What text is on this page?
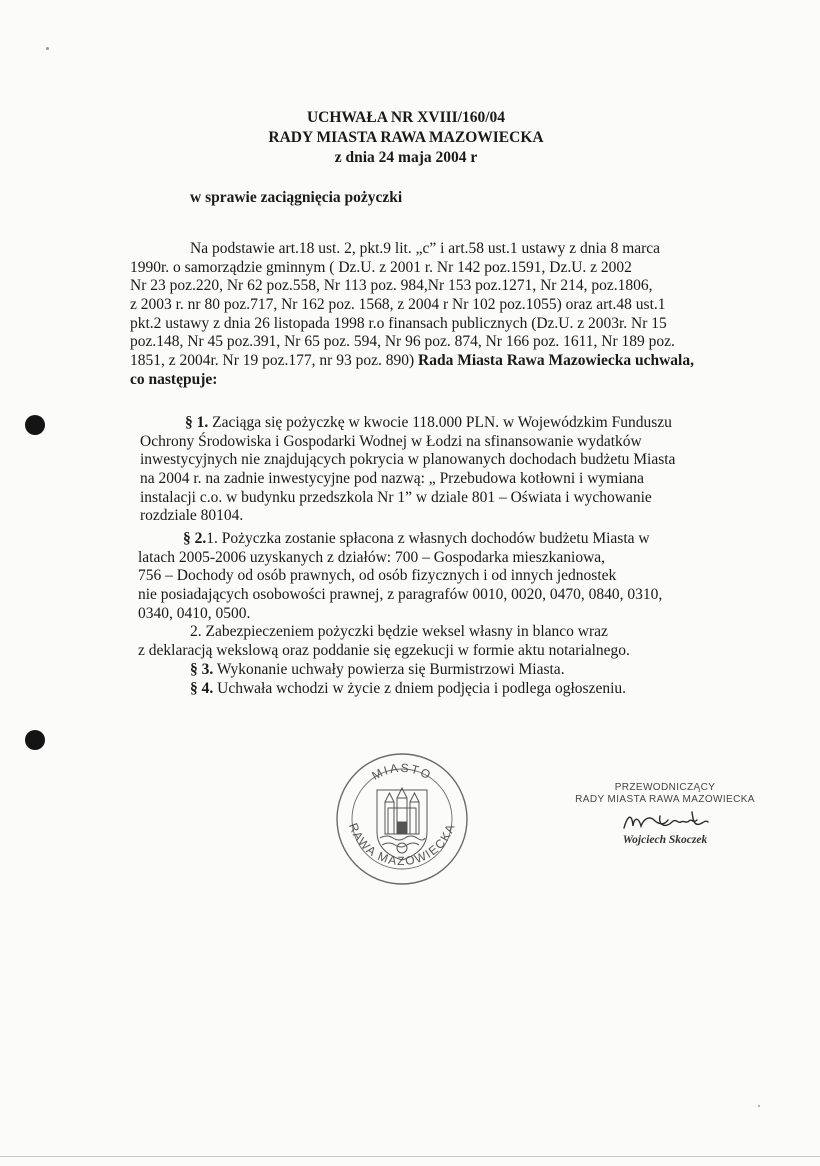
UCHWAŁA NR XVIII/160/04
RADY MIASTA RAWA MAZOWIECKA
z dnia 24 maja 2004 r
w sprawie zaciągnięcia pożyczki
Na podstawie art.18 ust. 2, pkt.9 lit. „c” i art.58 ust.1 ustawy z dnia 8 marca
1990r. o samorządzie gminnym ( Dz.U. z 2001 r. Nr 142 poz.1591, Dz.U. z 2002
Nr 23 poz.220, Nr 62 poz.558, Nr 113 poz. 984,Nr 153 poz.1271, Nr 214, poz.1806,
z 2003 r. nr 80 poz.717, Nr 162 poz. 1568, z 2004 r Nr 102 poz.1055) oraz art.48 ust.1
pkt.2 ustawy z dnia 26 listopada 1998 r.o finansach publicznych (Dz.U. z 2003r. Nr 15
poz.148, Nr 45 poz.391, Nr 65 poz. 594, Nr 96 poz. 874, Nr 166 poz. 1611, Nr 189 poz.
1851, z 2004r. Nr 19 poz.177, nr 93 poz. 890) Rada Miasta Rawa Mazowiecka uchwala,
co następuje:
§ 1. Zaciąga się pożyczkę w kwocie 118.000 PLN. w Wojewódzkim Funduszu
Ochrony Środowiska i Gospodarki Wodnej w Łodzi na sfinansowanie wydatków
inwestycyjnych nie znajdujących pokrycia w planowanych dochodach budżetu Miasta
na 2004 r. na zadnie inwestycyjne pod nazwą: „ Przebudowa kotłowni i wymiana
instalacji c.o. w budynku przedszkola Nr 1” w dziale 801 – Oświata i wychowanie
rozdziale 80104.
§ 2.1. Pożyczka zostanie spłacona z własnych dochodów budżetu Miasta w
latach 2005-2006 uzyskanych z działów: 700 – Gospodarka mieszkaniowa,
756 – Dochody od osób prawnych, od osób fizycznych i od innych jednostek
nie posiadających osobowości prawnej, z paragrafów 0010, 0020, 0470, 0840, 0310,
0340, 0410, 0500.
2. Zabezpieczeniem pożyczki będzie weksel własny in blanco wraz
z deklaracją wekslową oraz poddanie się egzekucji w formie aktu notarialnego.
§ 3. Wykonanie uchwały powierza się Burmistrzowi Miasta.
§ 4. Uchwała wchodzi w życie z dniem podjęcia i podlega ogłoszeniu.
MIASTO
RAWA MAZOWIECKA
PRZEWODNICZĄCY
RADY MIASTA RAWA MAZOWIECKA
Wojciech Skoczek
